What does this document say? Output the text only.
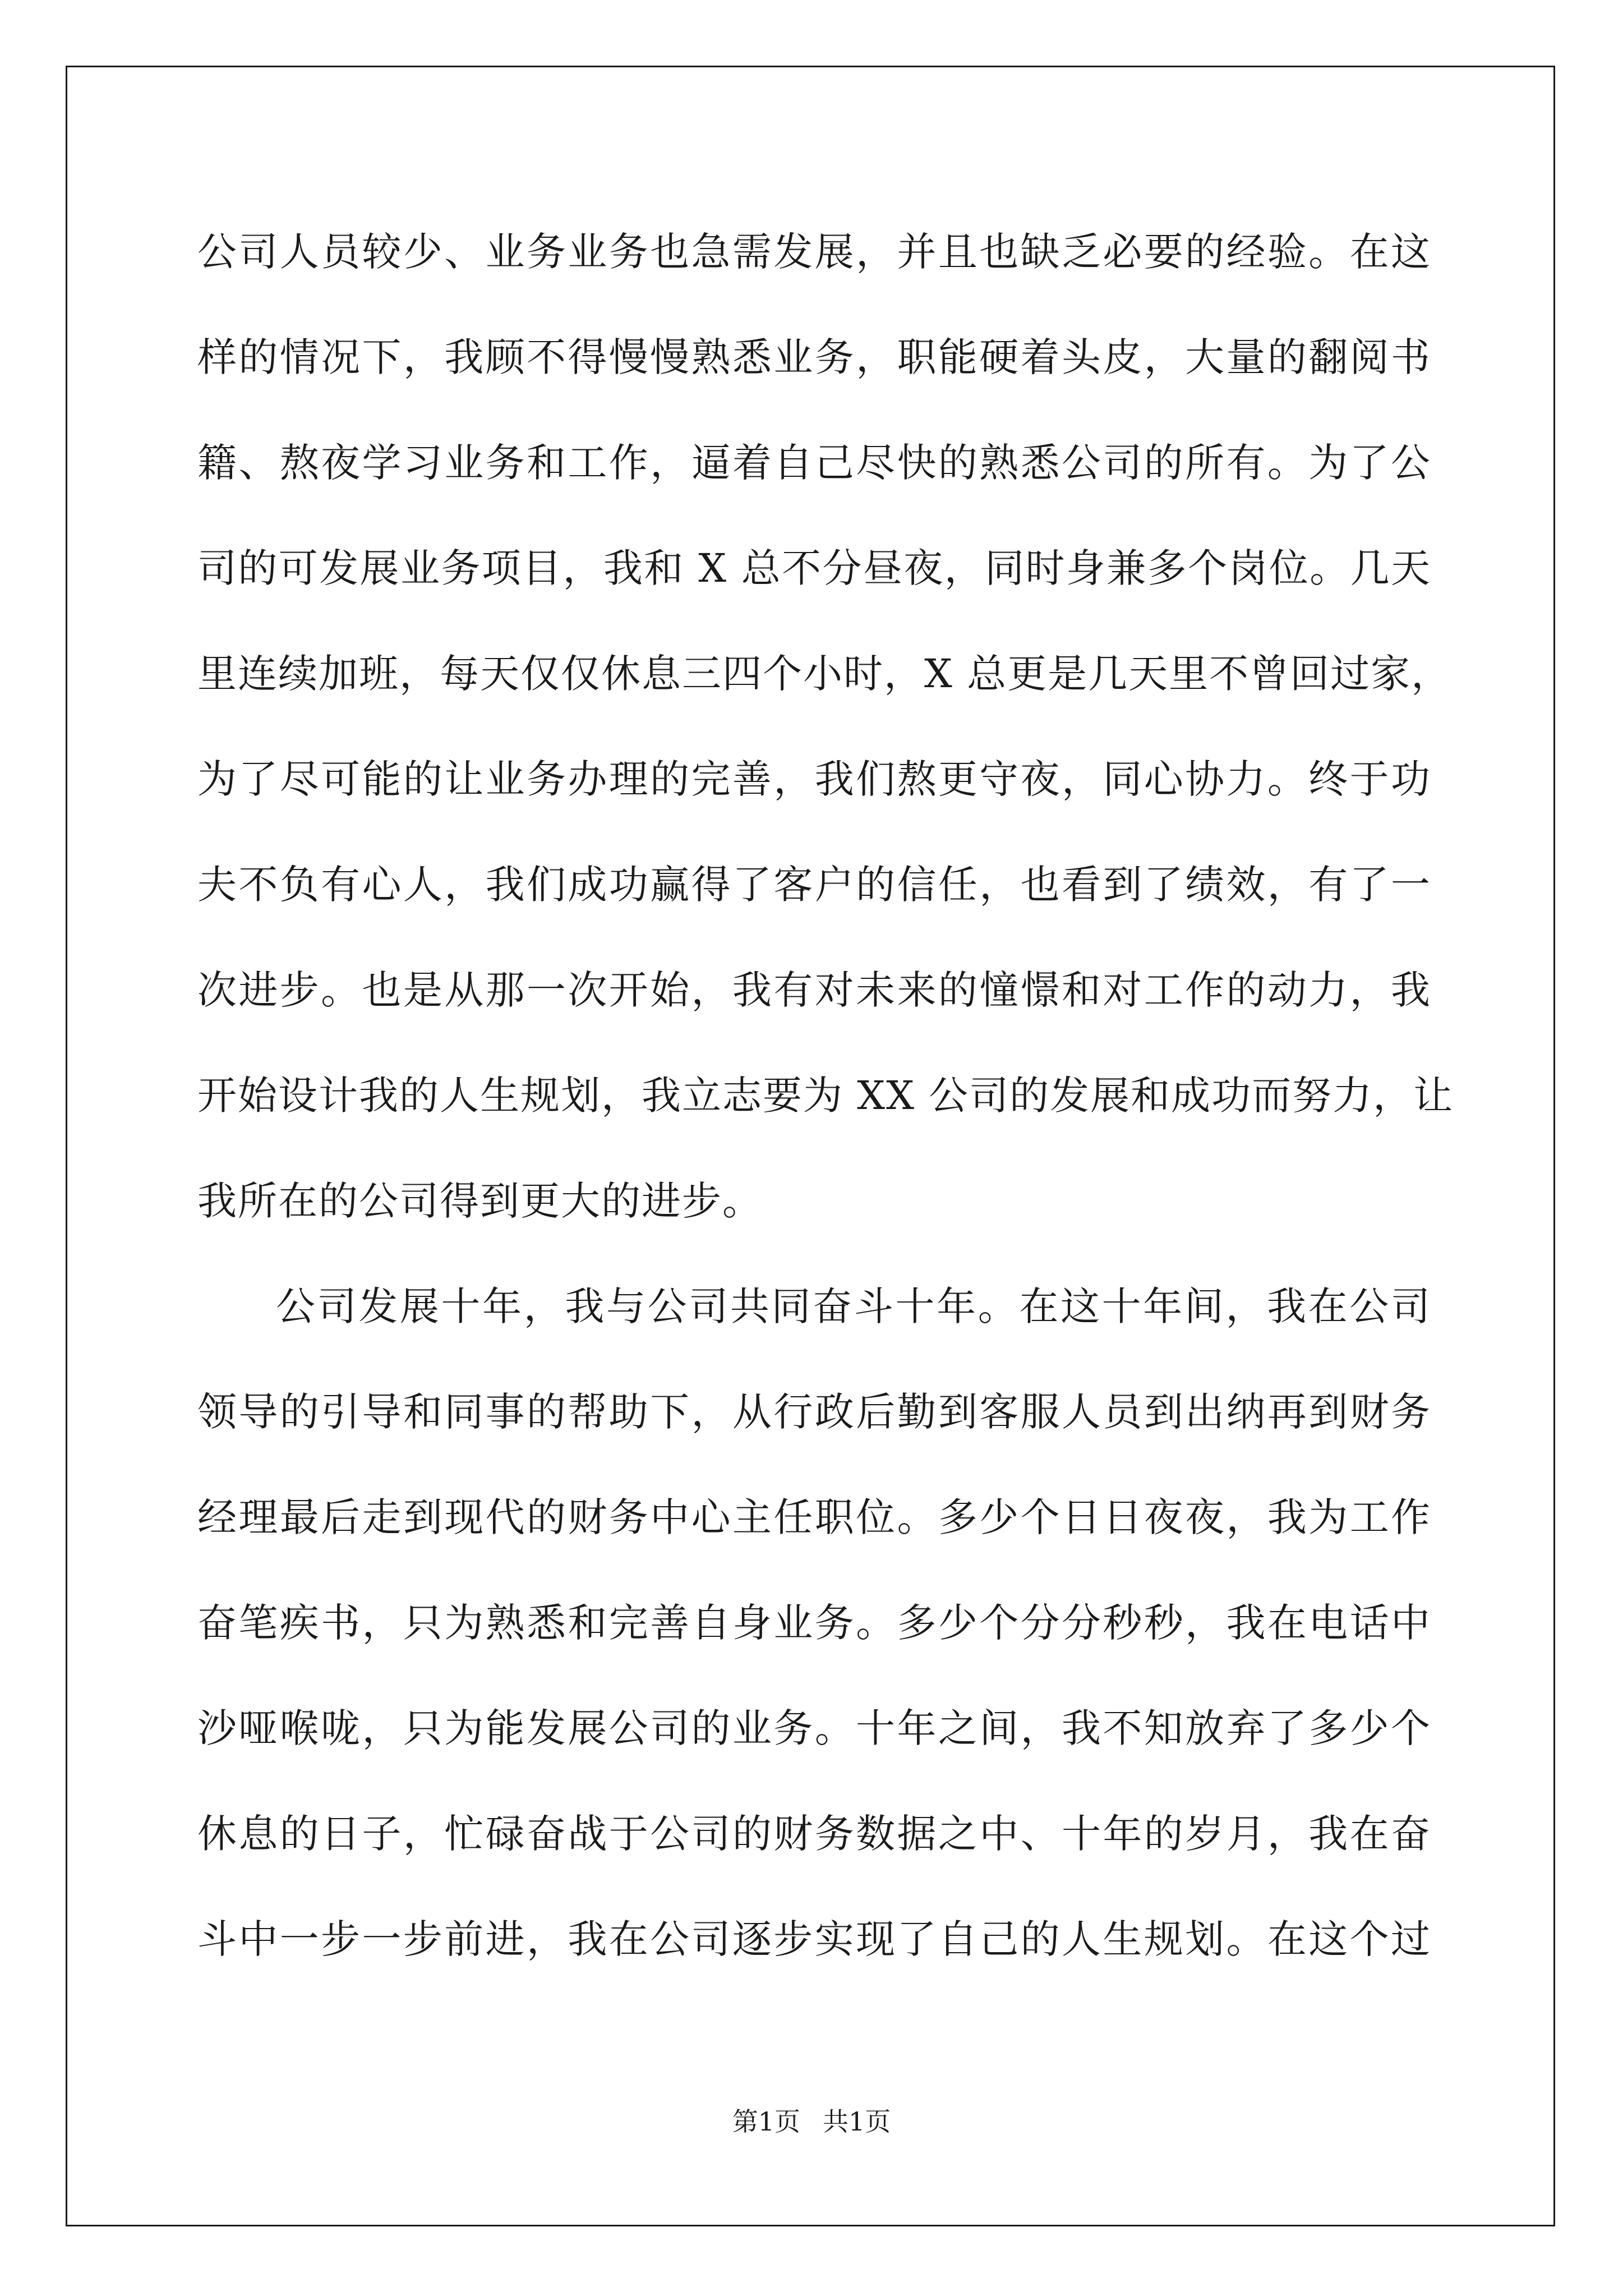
公司人员较少、业务业务也急需发展，并且也缺乏必要的经验。在这
样的情况下，我顾不得慢慢熟悉业务，职能硬着头皮，大量的翻阅书
籍、熬夜学习业务和工作，逼着自己尽快的熟悉公司的所有。为了公
司的可发展业务项目，我和 X 总不分昼夜，同时身兼多个岗位。几天
里连续加班，每天仅仅休息三四个小时，X 总更是几天里不曾回过家，
为了尽可能的让业务办理的完善，我们熬更守夜，同心协力。终于功
夫不负有心人，我们成功赢得了客户的信任，也看到了绩效，有了一
次进步。也是从那一次开始，我有对未来的憧憬和对工作的动力，我
开始设计我的人生规划，我立志要为 XX 公司的发展和成功而努力，让
我所在的公司得到更大的进步。
公司发展十年，我与公司共同奋斗十年。在这十年间，我在公司
领导的引导和同事的帮助下，从行政后勤到客服人员到出纳再到财务
经理最后走到现代的财务中心主任职位。多少个日日夜夜，我为工作
奋笔疾书，只为熟悉和完善自身业务。多少个分分秒秒，我在电话中
沙哑喉咙，只为能发展公司的业务。十年之间，我不知放弃了多少个
休息的日子，忙碌奋战于公司的财务数据之中、十年的岁月，我在奋
斗中一步一步前进，我在公司逐步实现了自己的人生规划。在这个过
第1页 共1页
